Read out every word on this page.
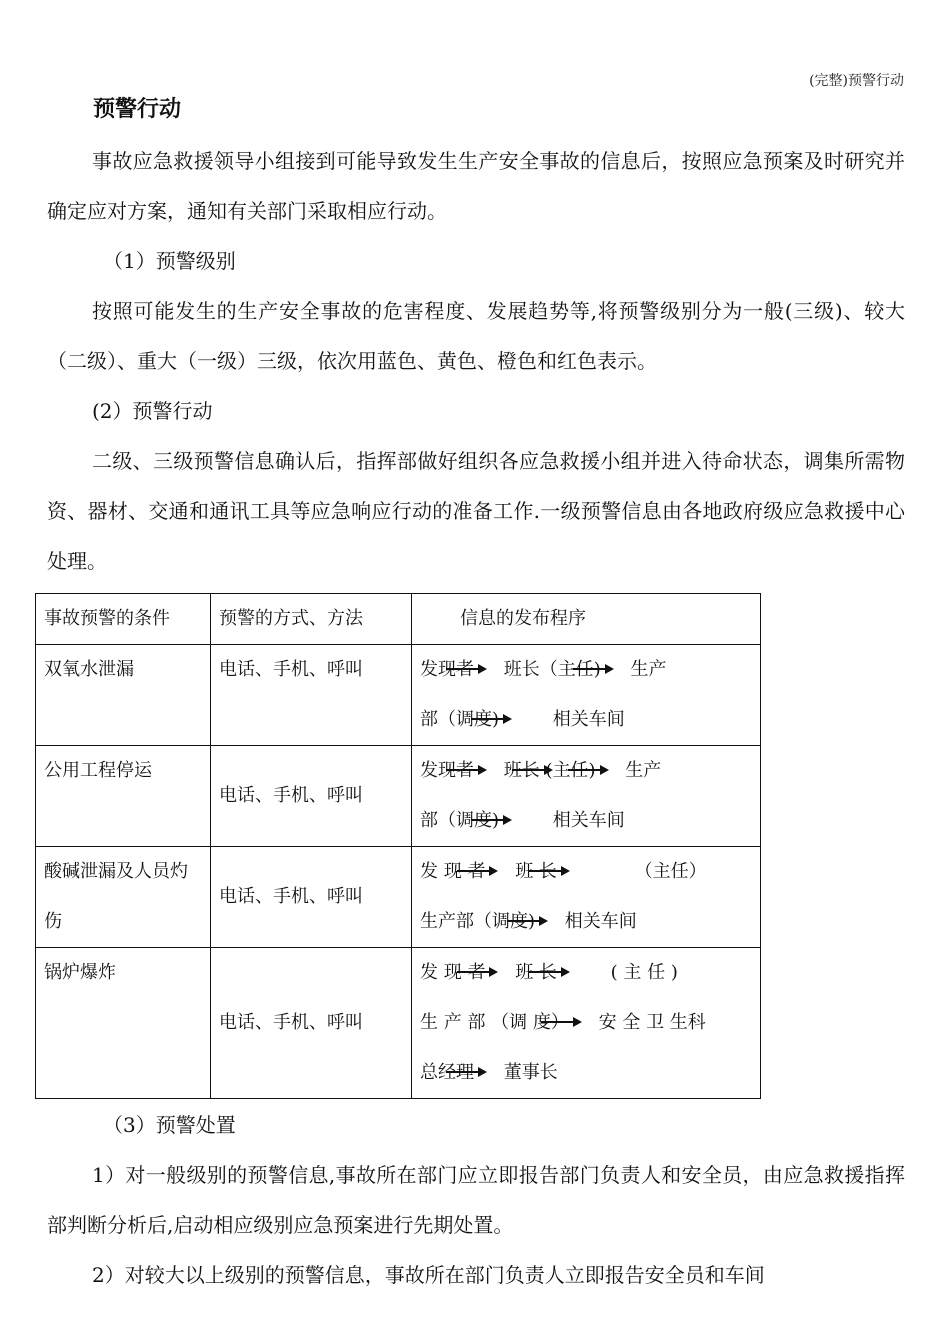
(完整)预警行动
预警行动

事故应急救援领导小组接到可能导致发生生产安全事故的信息后，按照应急预案及时研究并确定应对方案，通知有关部门采取相应行动。

（1）预警级别

按照可能发生的生产安全事故的危害程度、发展趋势等,将预警级别分为一般(三级)、较大（二级）、重大（一级）三级，依次用蓝色、黄色、橙色和红色表示。

(2）预警行动

二级、三级预警信息确认后，指挥部做好组织各应急救援小组并进入待命状态，调集所需物资、器材、交通和通讯工具等应急响应行动的准备工作.一级预警信息由各地政府级应急救援中心处理。

事故预警的条件	预警的方式、方法	信息的发布程序
双氧水泄漏	电话、手机、呼叫	发现者 班长（主任) 生产
部（调度) 相关车间

公用工程停运	电话、手机、呼叫	发现者 班长 (主任) 生产
部（调度) 相关车间

酸碱泄漏及人员灼伤	电话、手机、呼叫	发 现 者 班 长 （主任）
生产部（调度) 相关车间

锅炉爆炸	电话、手机、呼叫	发 现 者 班 长 ( 主 任 )
生 产 部 （调 度） 安 全 卫 生科
总经理 董事长

（3）预警处置

1）对一般级别的预警信息,事故所在部门应立即报告部门负责人和安全员，由应急救援指挥部判断分析后,启动相应级别应急预案进行先期处置。

2）对较大以上级别的预警信息，事故所在部门负责人立即报告安全员和车间
